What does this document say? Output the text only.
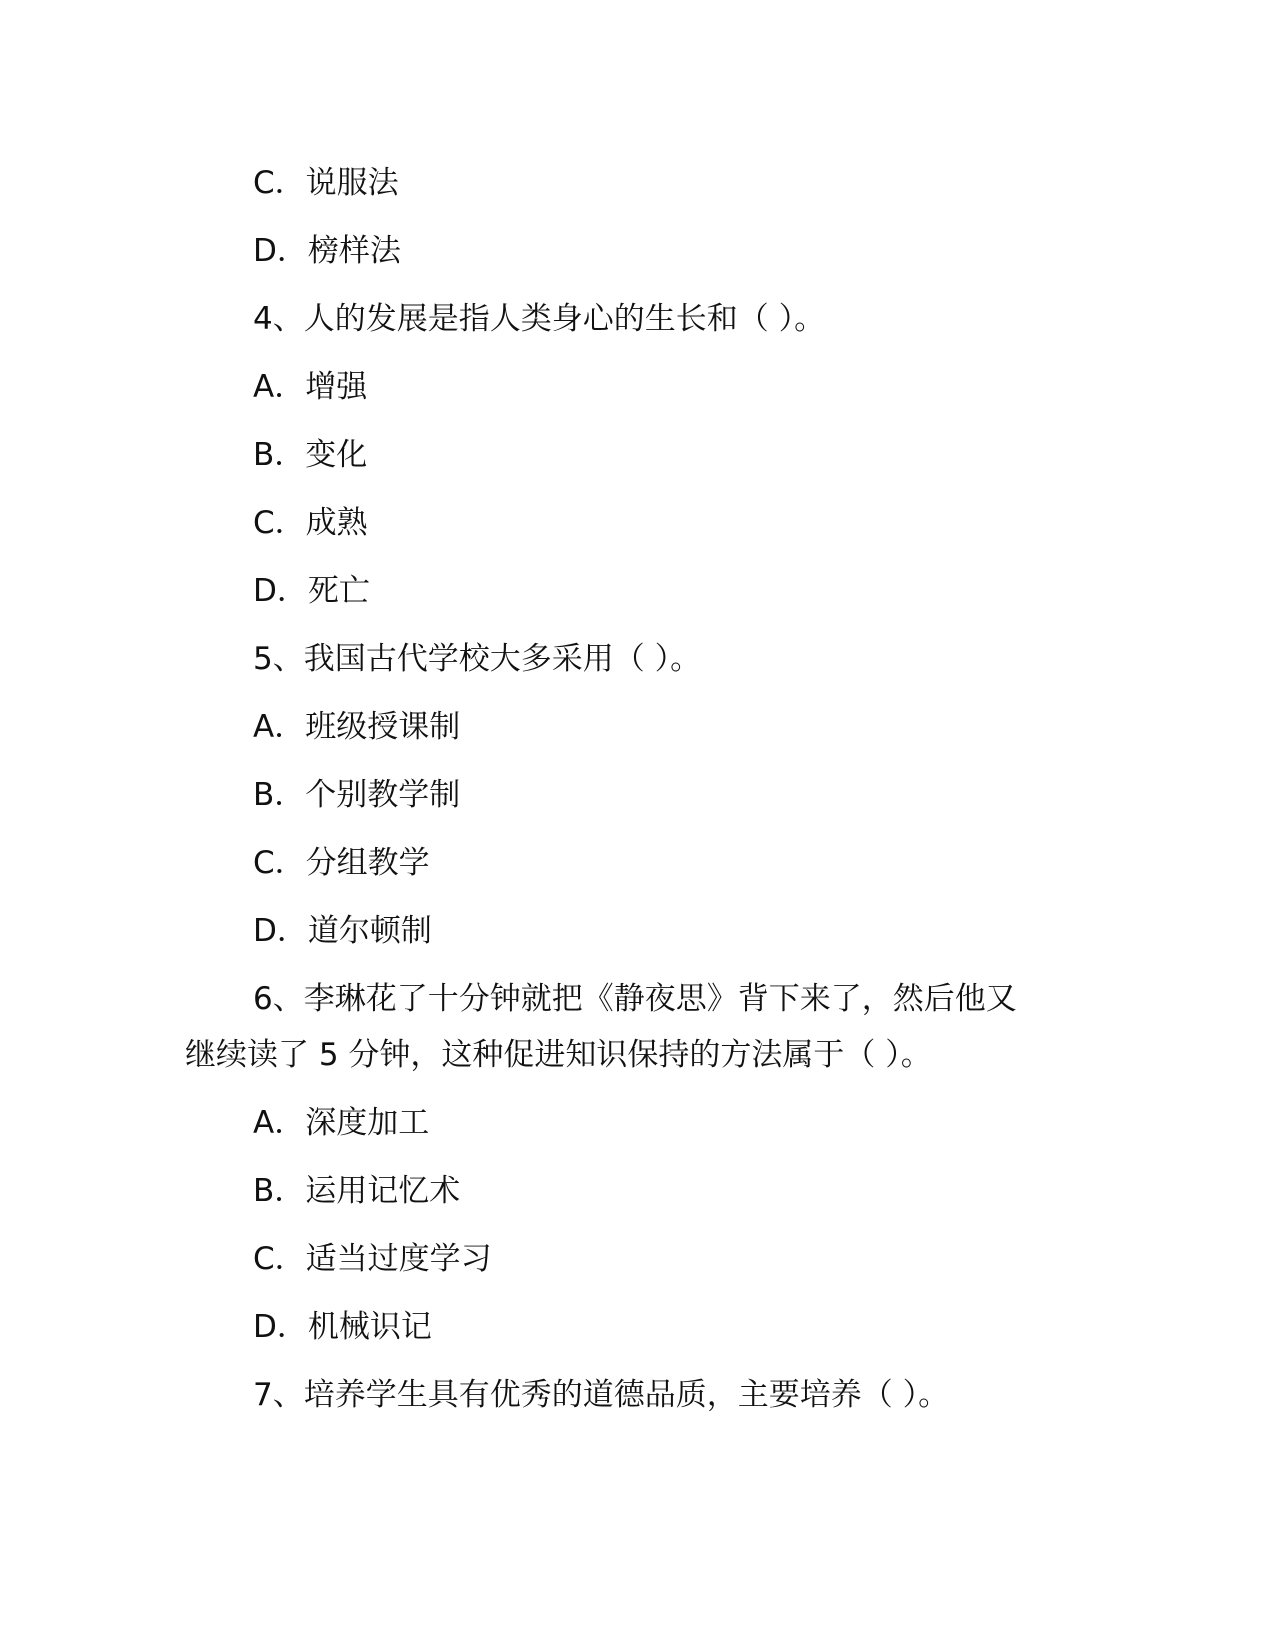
C．说服法
D．榜样法
4、人的发展是指人类身心的生长和（ ）。
A．增强
B．变化
C．成熟
D．死亡
5、我国古代学校大多采用（ ）。
A．班级授课制
B．个别教学制
C．分组教学
D．道尔顿制
6、李琳花了十分钟就把《静夜思》背下来了，然后他又
继续读了 5 分钟，这种促进知识保持的方法属于（ ）。
A．深度加工
B．运用记忆术
C．适当过度学习
D．机械识记
7、培养学生具有优秀的道德品质，主要培养（ ）。
